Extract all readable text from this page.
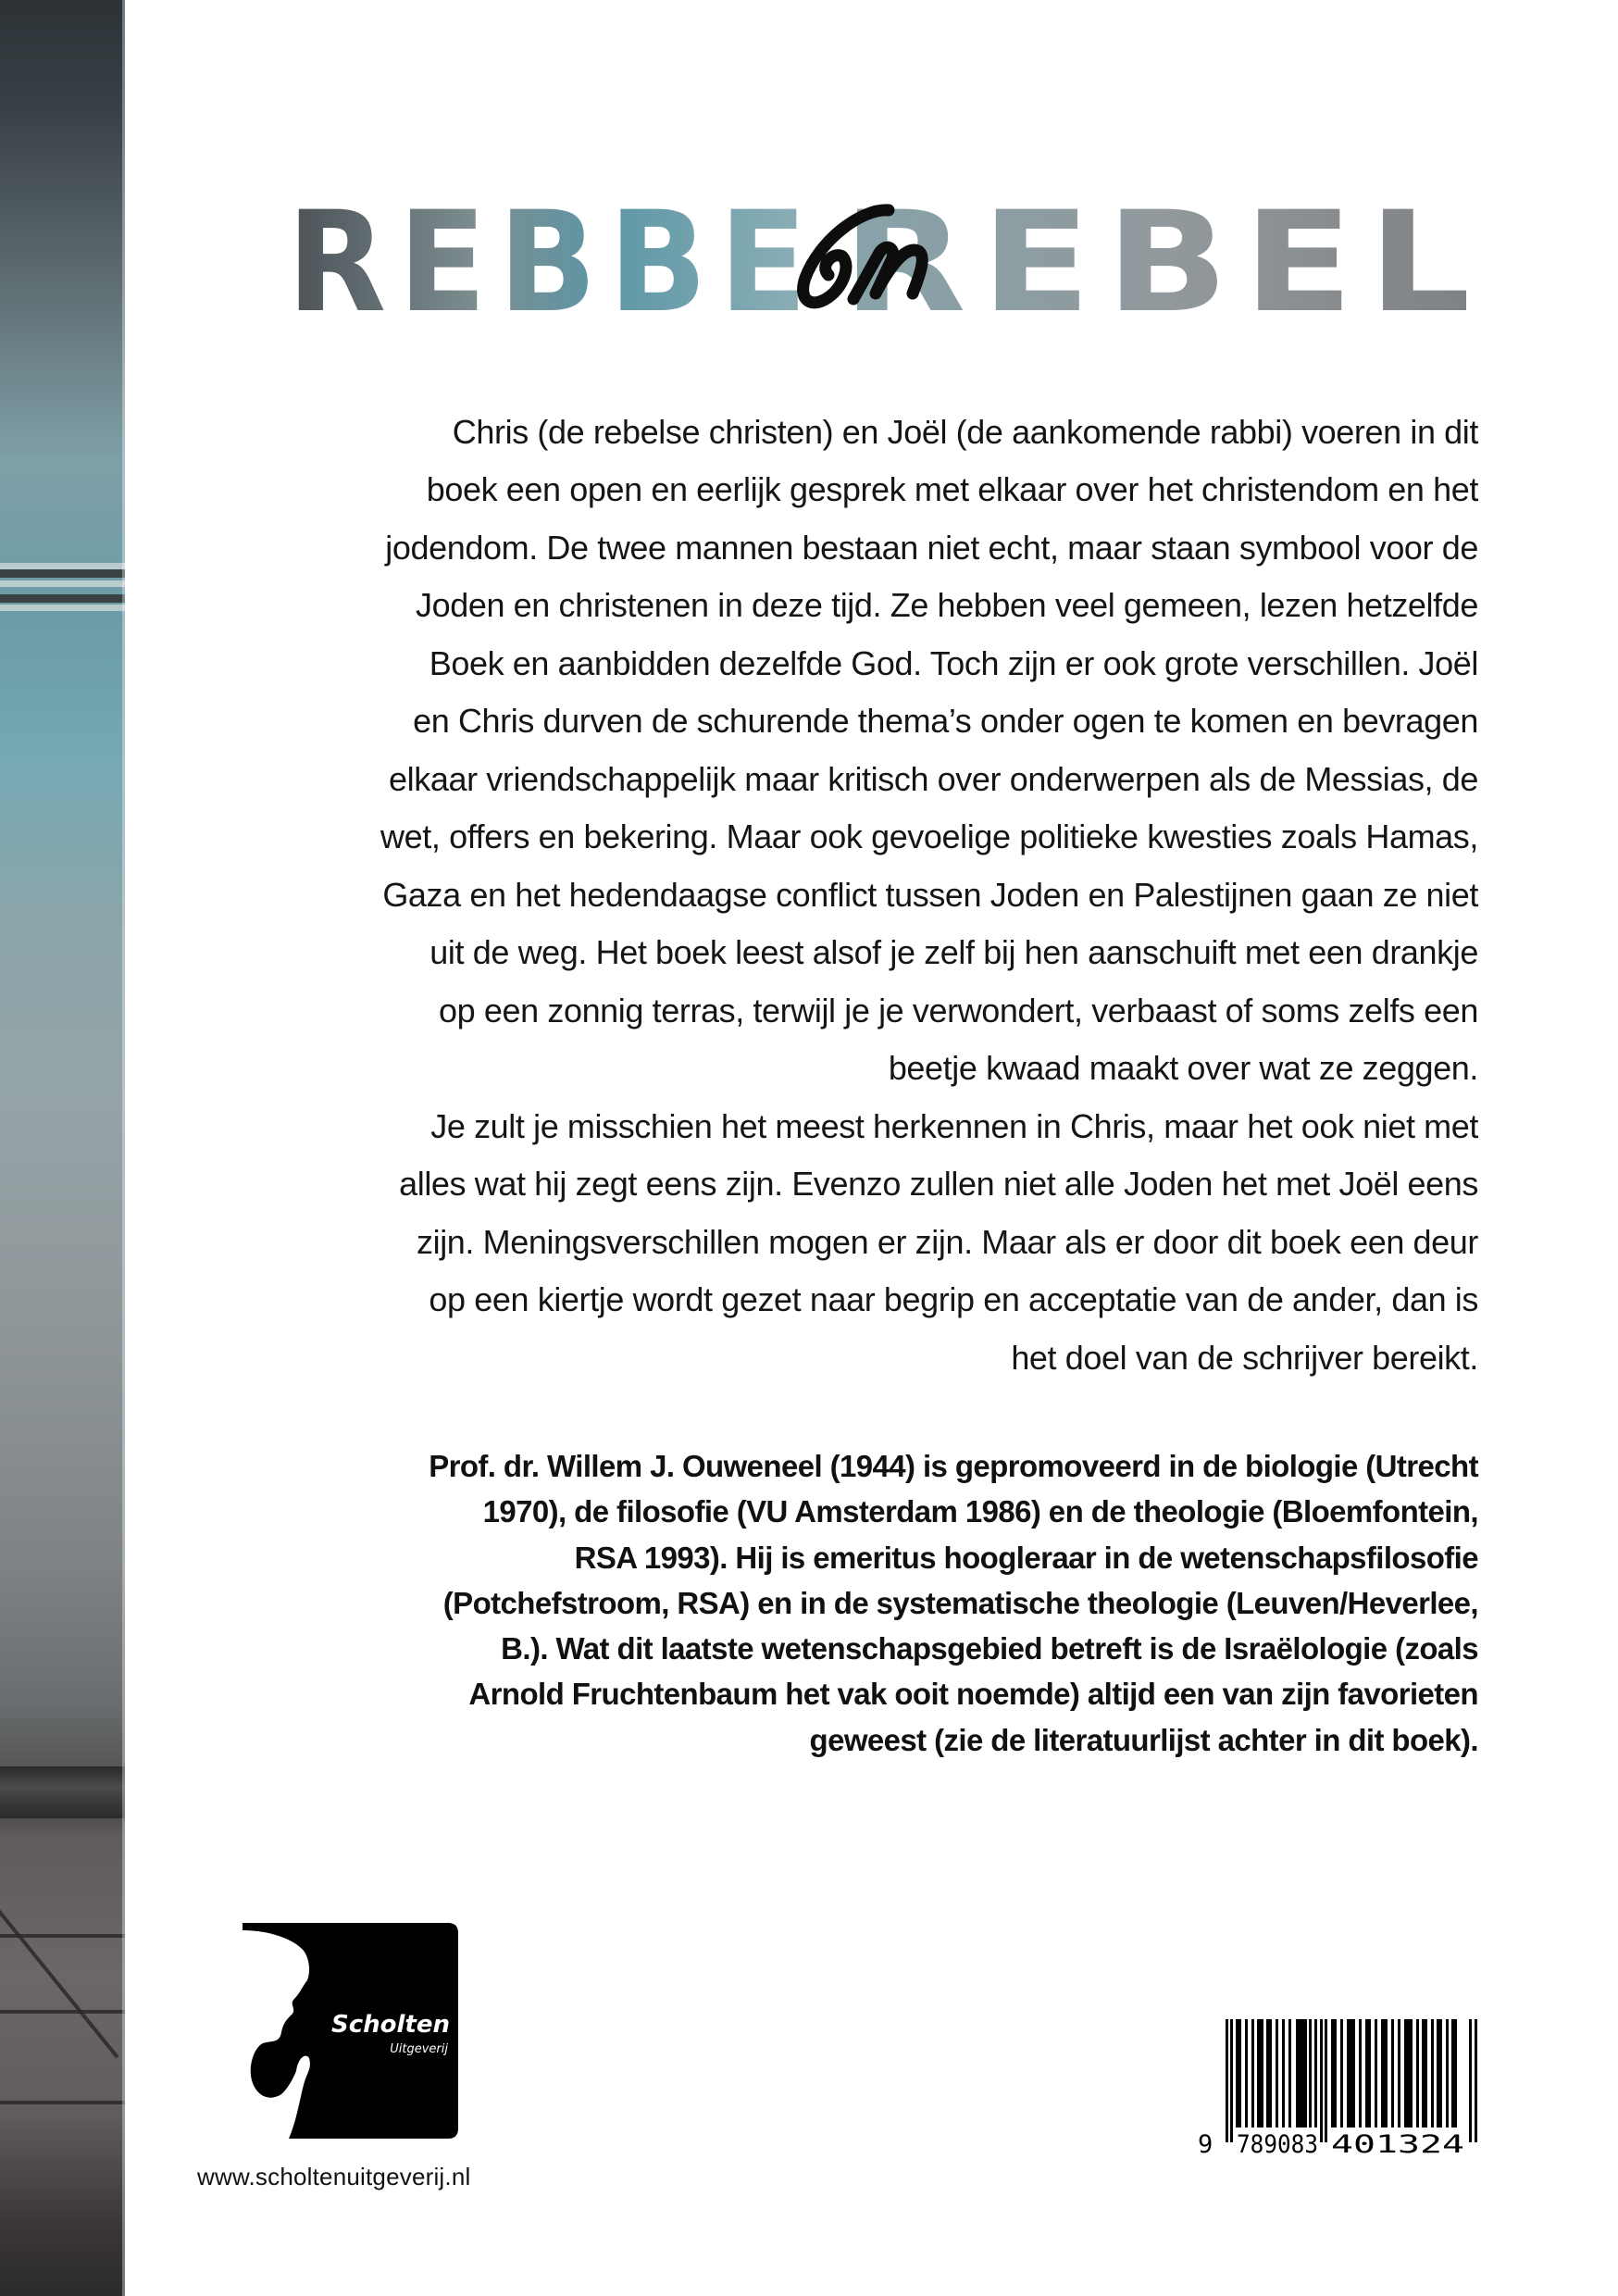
REBBE REBEL
Chris (de rebelse christen) en Joël (de aankomende rabbi) voeren in dit
boek een open en eerlijk gesprek met elkaar over het christendom en het
jodendom. De twee mannen bestaan niet echt, maar staan symbool voor de
Joden en christenen in deze tijd. Ze hebben veel gemeen, lezen hetzelfde
Boek en aanbidden dezelfde God. Toch zijn er ook grote verschillen. Joël
en Chris durven de schurende thema’s onder ogen te komen en bevragen
elkaar vriendschappelijk maar kritisch over onderwerpen als de Messias, de
wet, offers en bekering. Maar ook gevoelige politieke kwesties zoals Hamas,
Gaza en het hedendaagse conflict tussen Joden en Palestijnen gaan ze niet
uit de weg. Het boek leest alsof je zelf bij hen aanschuift met een drankje
op een zonnig terras, terwijl je je verwondert, verbaast of soms zelfs een
beetje kwaad maakt over wat ze zeggen.
Je zult je misschien het meest herkennen in Chris, maar het ook niet met
alles wat hij zegt eens zijn. Evenzo zullen niet alle Joden het met Joël eens
zijn. Meningsverschillen mogen er zijn. Maar als er door dit boek een deur
op een kiertje wordt gezet naar begrip en acceptatie van de ander, dan is
het doel van de schrijver bereikt.
Prof. dr. Willem J. Ouweneel (1944) is gepromoveerd in de biologie (Utrecht
1970), de filosofie (VU Amsterdam 1986) en de theologie (Bloemfontein,
RSA 1993). Hij is emeritus hoogleraar in de wetenschapsfilosofie
(Potchefstroom, RSA) en in de systematische theologie (Leuven/Heverlee,
B.). Wat dit laatste wetenschapsgebied betreft is de Israëlologie (zoals
Arnold Fruchtenbaum het vak ooit noemde) altijd een van zijn favorieten
geweest (zie de literatuurlijst achter in dit boek).
Scholten
Uitgeverij
www.scholtenuitgeverij.nl
9 789083 401324
